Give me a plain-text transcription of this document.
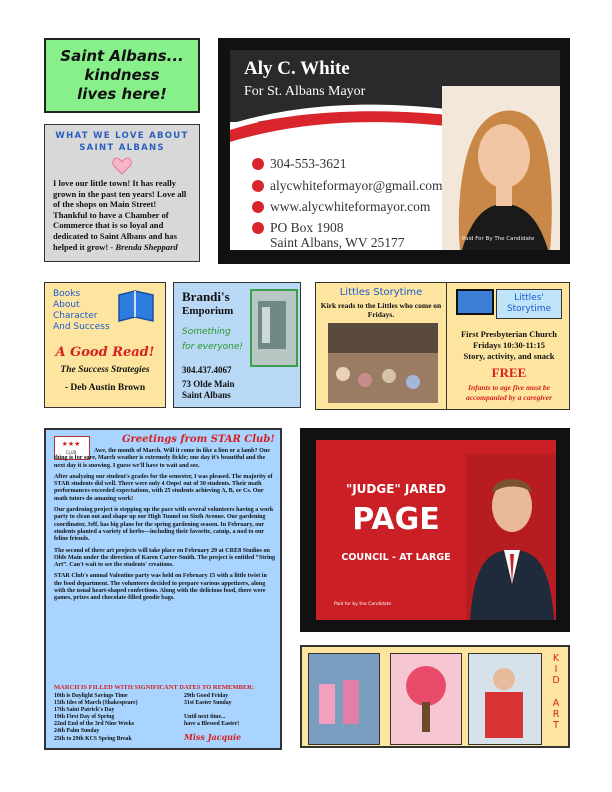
Saint Albans...
kindness
lives here!
WHAT WE LOVE ABOUT
SAINT ALBANS
I love our little town! It has really grown in the past ten years! Love all of the shops on Main Street! Thankful to have a Chamber of Commerce that is so loyal and dedicated to Saint Albans and has helped it grow! - Brenda Sheppard
Aly C. White
For St. Albans Mayor
304-553-3621
alycwhiteformayor@gmail.com
www.alycwhiteformayor.com
PO Box 1908
Saint Albans, WV 25177	Paid For By The Candidate
Books
About
Character
And Success
A Good Read!
The Success Strategies
- Deb Austin Brown
Brandi's
Emporium
Something
for everyone!
304.437.4067
73 Olde Main
Saint Albans
Littles Storytime
Kirk reads to the Littles who come on Fridays.
Littles'
Storytime
First Presbyterian Church
Fridays 10:30-11:15
Story, activity, and snack
FREE
Infants to age five must be accompanied by a caregiver
★★★
CLUB
Greetings from STAR Club!

Awe, the month of March. Will it come in like a lion or a lamb? One thing is for sure, March weather is extremely fickle; one day it's beautiful and the next day it is snowing. I guess we'll have to wait and see.

After analyzing our student's grades for the semester, I was pleased. The majority of STAR students did well. There were only 4 Oops! out of 30 students. Their math performances exceeded expectations, with 25 students achieving A, B, or Cs. Our math tutors do amazing work!

Our gardening project is stepping up the pace with several volunteers having a work party to clean out and shape up our High Tunnel on Sixth Avenue. Our gardening coordinator, Jeff, has big plans for the spring gardening season. In February, our students planted a variety of herbs—including their favorite, catnip, a nod to our feline friends.

The second of three art projects will take place on February 29 at CRE8 Studios on Olde Main under the direction of Karen Carter-Smith. The project is entitled “String Art”. Can't wait to see the students' creations.

STAR Club's annual Valentine party was held on February 15 with a little twist in the food department. The volunteers decided to prepare various appetizers, along with the usual heart-shaped confections. Along with the delicious food, there were games, prizes and chocolate-filled goodie bags.

MARCH IS FILLED WITH SIGNIFICANT DATES TO REMEMBER:
10th is Daylight Savings Time
15th Ides of March (Shakespeare)
17th Saint Patrick's Day
19th First Day of Spring
22nd End of the 3rd Nine Weeks
24th Palm Sunday
25th to 29th KCS Spring Break
29th Good Friday
31st Easter Sunday
Until next time...
have a Blessed Easter!
Miss Jacquie
"JUDGE" JARED
PAGE
COUNCIL - AT LARGE
Paid for by the Candidate
K
I
D

A
R
T
